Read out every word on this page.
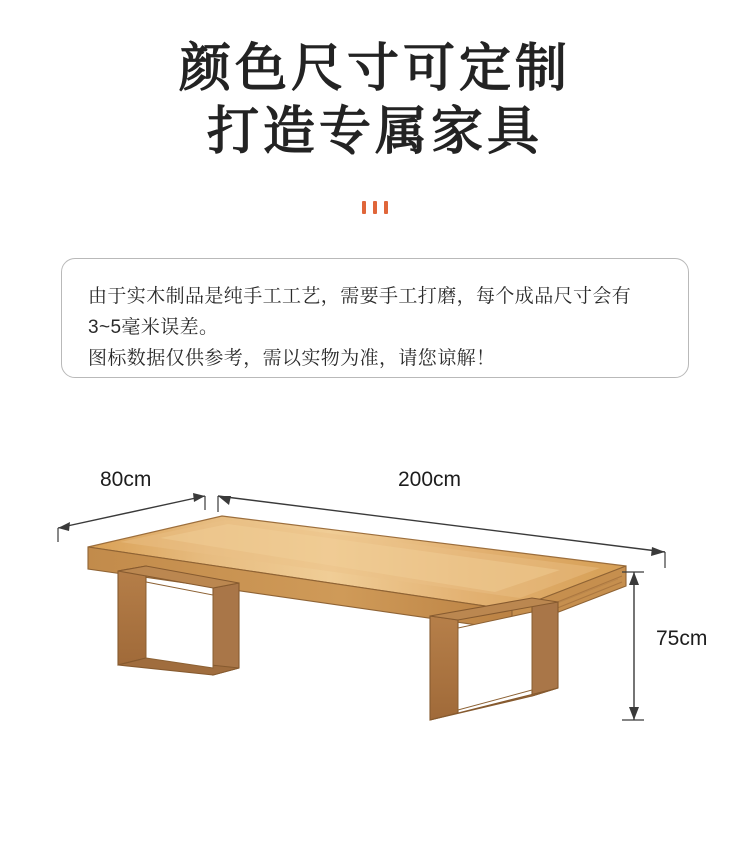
颜色尺寸可定制
打造专属家具
由于实木制品是纯手工工艺，需要手工打磨，每个成品尺寸会有
3~5毫米误差。
图标数据仅供参考，需以实物为准，请您谅解！
80cm	200cm
75cm
